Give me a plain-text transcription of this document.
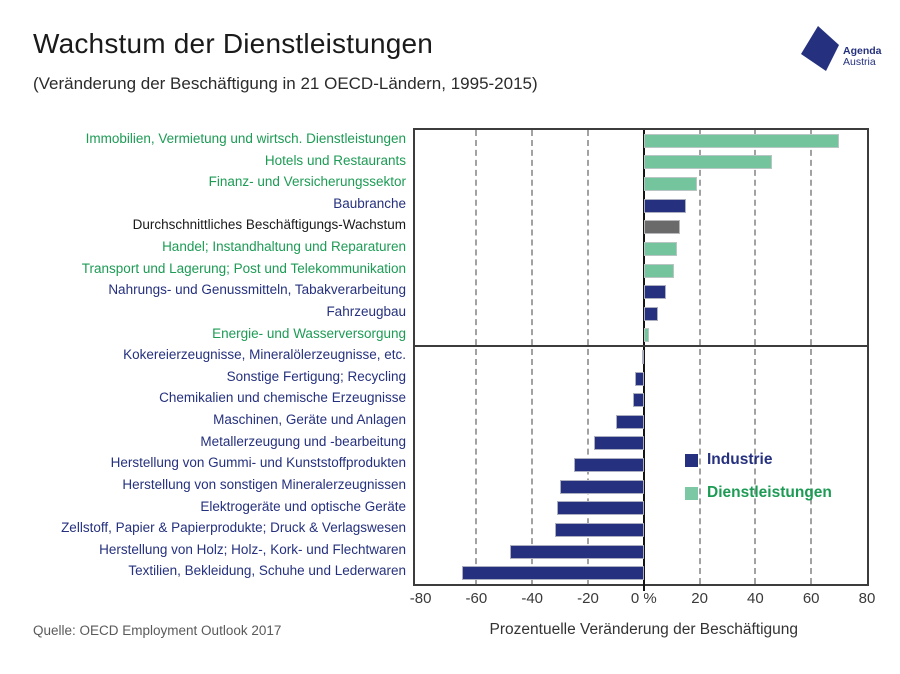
Wachstum der Dienstleistungen
(Veränderung der Beschäftigung in 21 OECD-Ländern, 1995-2015)
Agenda
Austria
Industrie
Dienstleistungen
Immobilien, Vermietung und wirtsch. Dienstleistungen
Hotels und Restaurants
Finanz- und Versicherungssektor
Baubranche
Durchschnittliches Beschäftigungs-Wachstum
Handel; Instandhaltung und Reparaturen
Transport und Lagerung; Post und Telekommunikation
Nahrungs- und Genussmitteln, Tabakverarbeitung
Fahrzeugbau
Energie- und Wasserversorgung
Kokereierzeugnisse, Mineralölerzeugnisse, etc.
Sonstige Fertigung; Recycling
Chemikalien und chemische Erzeugnisse
Maschinen, Geräte und Anlagen
Metallerzeugung und -bearbeitung
Herstellung von Gummi- und Kunststoffprodukten
Herstellung von sonstigen Mineralerzeugnissen
Elektrogeräte und optische Geräte
Zellstoff, Papier & Papierprodukte; Druck & Verlagswesen
Herstellung von Holz; Holz-, Kork- und Flechtwaren
Textilien, Bekleidung, Schuhe und Lederwaren
-80 -60 -40 -20 0 % 20	40	60	80
Prozentuelle Veränderung der Beschäftigung
Quelle: OECD Employment Outlook 2017
